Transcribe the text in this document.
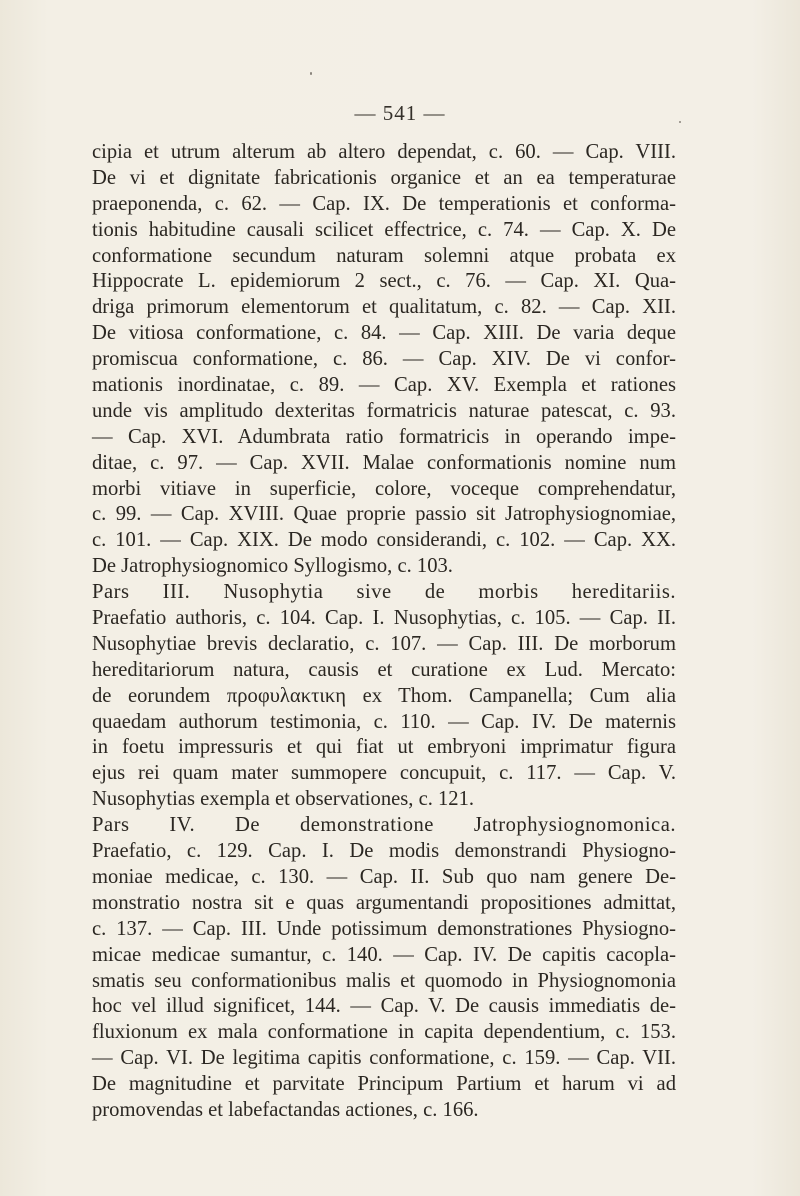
— 541 —
cipia et utrum alterum ab altero dependat, c. 60. — Cap. VIII.
De vi et dignitate fabricationis organice et an ea temperaturae
praeponenda, c. 62. — Cap. IX. De temperationis et conforma-
tionis habitudine causali scilicet effectrice, c. 74. — Cap. X. De
conformatione secundum naturam solemni atque probata ex
Hippocrate L. epidemiorum 2 sect., c. 76. — Cap. XI. Qua-
driga primorum elementorum et qualitatum, c. 82. — Cap. XII.
De vitiosa conformatione, c. 84. — Cap. XIII. De varia deque
promiscua conformatione, c. 86. — Cap. XIV. De vi confor-
mationis inordinatae, c. 89. — Cap. XV. Exempla et rationes
unde vis amplitudo dexteritas formatricis naturae patescat, c. 93.
— Cap. XVI. Adumbrata ratio formatricis in operando impe-
ditae, c. 97. — Cap. XVII. Malae conformationis nomine num
morbi vitiave in superficie, colore, voceque comprehendatur,
c. 99. — Cap. XVIII. Quae proprie passio sit Jatrophysiognomiae,
c. 101. — Cap. XIX. De modo considerandi, c. 102. — Cap. XX.
De Jatrophysiognomico Syllogismo, c. 103.
Pars III. Nusophytia sive de morbis hereditariis.
Praefatio authoris, c. 104. Cap. I. Nusophytias, c. 105. — Cap. II.
Nusophytiae brevis declaratio, c. 107. — Cap. III. De morborum
hereditariorum natura, causis et curatione ex Lud. Mercato:
de eorundem προφυλακτικη ex Thom. Campanella; Cum alia
quaedam authorum testimonia, c. 110. — Cap. IV. De maternis
in foetu impressuris et qui fiat ut embryoni imprimatur figura
ejus rei quam mater summopere concupuit, c. 117. — Cap. V.
Nusophytias exempla et observationes, c. 121.
Pars IV. De demonstratione Jatrophysiognomonica.
Praefatio, c. 129. Cap. I. De modis demonstrandi Physiogno-
moniae medicae, c. 130. — Cap. II. Sub quo nam genere De-
monstratio nostra sit e quas argumentandi propositiones admittat,
c. 137. — Cap. III. Unde potissimum demonstrationes Physiogno-
micae medicae sumantur, c. 140. — Cap. IV. De capitis cacopla-
smatis seu conformationibus malis et quomodo in Physiognomonia
hoc vel illud significet, 144. — Cap. V. De causis immediatis de-
fluxionum ex mala conformatione in capita dependentium, c. 153.
— Cap. VI. De legitima capitis conformatione, c. 159. — Cap. VII.
De magnitudine et parvitate Principum Partium et harum vi ad
promovendas et labefactandas actiones, c. 166.
